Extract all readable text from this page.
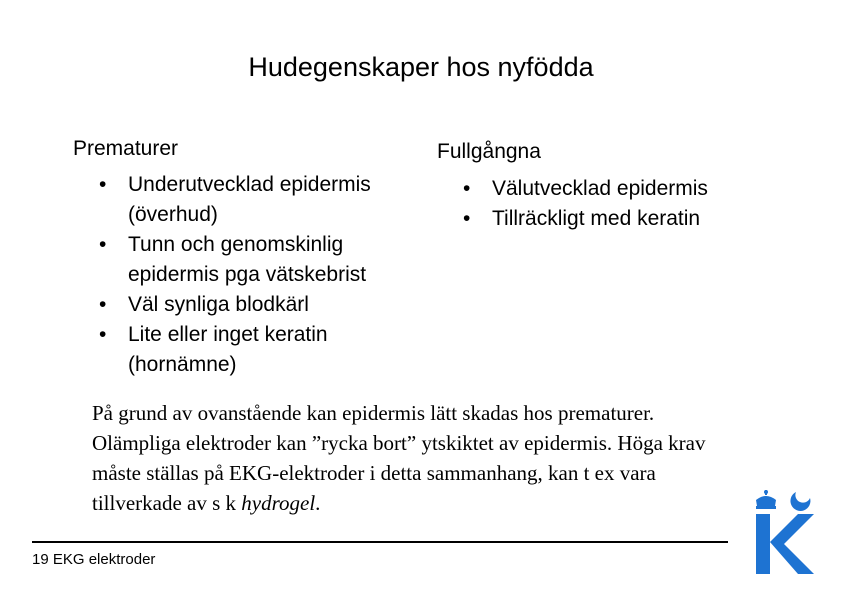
Hudegenskaper hos nyfödda
Prematurer
• Underutvecklad epidermis (överhud)
• Tunn och genomskinlig epidermis pga vätskebrist
• Väl synliga blodkärl
• Lite eller inget keratin (hornämne)
Fullgångna
• Välutvecklad epidermis
• Tillräckligt med keratin
På grund av ovanstående kan epidermis lätt skadas hos prematurer. Olämpliga elektroder kan ”rycka bort” ytskiktet av epidermis. Höga krav måste ställas på EKG-elektroder i detta sammanhang, kan t ex vara tillverkade av s k hydrogel.
19 EKG elektroder
